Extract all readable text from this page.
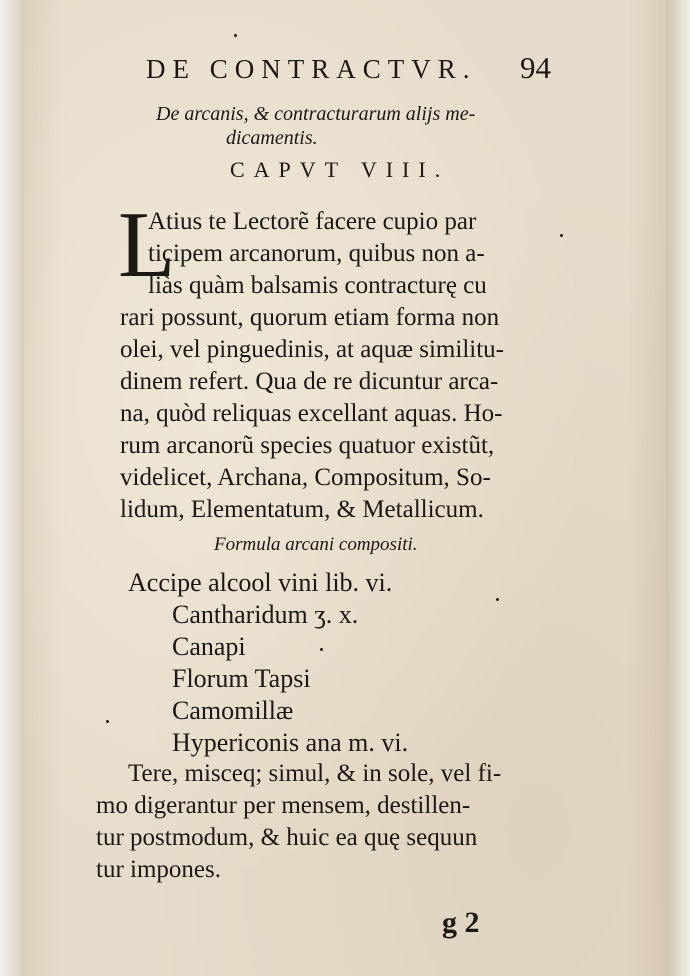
DE CONTRACTVR. 94
De arcanis, & contracturarum alijs me-
dicamentis.
CAPVT VIII.
L
Atius te Lectorẽ facere cupio par
ticipem arcanorum, quibus non a-
liàs quàm balsamis contracturę cu
rari possunt, quorum etiam forma non
olei, vel pinguedinis, at aquæ similitu-
dinem refert. Qua de re dicuntur arca-
na, quòd reliquas excellant aquas. Ho-
rum arcanorũ species quatuor existũt,
videlicet, Archana, Compositum, So-
lidum, Elementatum, & Metallicum.
Formula arcani compositi.
Accipe alcool vini lib. vi.
Cantharidum ʒ. x.
Canapi
Florum Tapsi
Camomillæ
Hypericonis ana m. vi.
Tere, misceq; simul, & in sole, vel fi-
mo digerantur per mensem, destillen-
tur postmodum, & huic ea quę sequun
tur impones.
g 2
